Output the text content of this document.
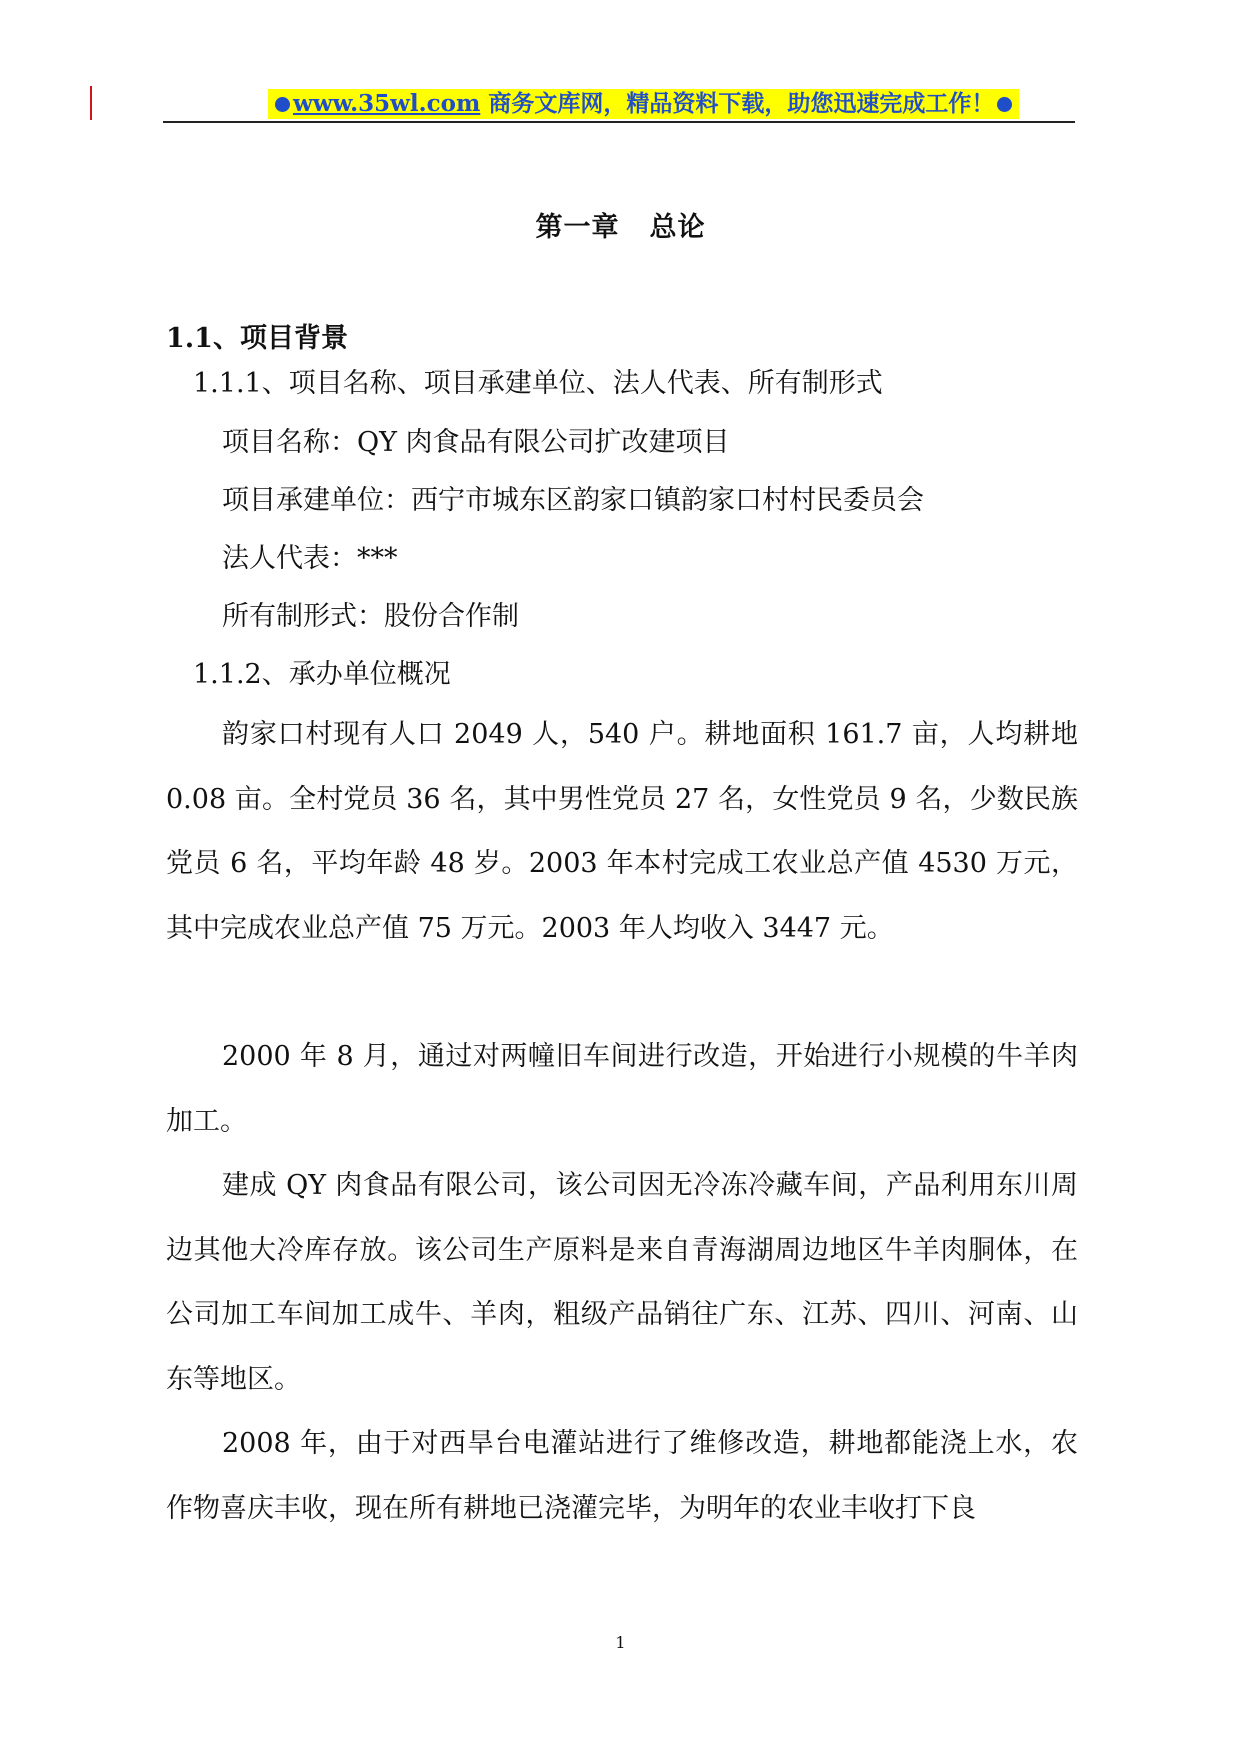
www.35wl.com 商务文库网，精品资料下载，助您迅速完成工作！
第一章 总论
1.1、项目背景
1.1.1、项目名称、项目承建单位、法人代表、所有制形式
项目名称：QY 肉食品有限公司扩改建项目
项目承建单位：西宁市城东区韵家口镇韵家口村村民委员会
法人代表：***
所有制形式：股份合作制
1.1.2、承办单位概况

韵家口村现有人口 2049 人，540 户。耕地面积 161.7 亩，人均耕地 0.08 亩。全村党员 36 名，其中男性党员 27 名，女性党员 9 名，少数民族党员 6 名，平均年龄 48 岁。2003 年本村完成工农业总产值 4530 万元，其中完成农业总产值 75 万元。2003 年人均收入 3447 元。

2000 年 8 月，通过对两幢旧车间进行改造，开始进行小规模的牛羊肉加工。

建成 QY 肉食品有限公司，该公司因无冷冻冷藏车间，产品利用东川周边其他大冷库存放。该公司生产原料是来自青海湖周边地区牛羊肉胴体，在公司加工车间加工成牛、羊肉，粗级产品销往广东、江苏、四川、河南、山东等地区。

2008 年，由于对西旱台电灌站进行了维修改造，耕地都能浇上水，农作物喜庆丰收，现在所有耕地已浇灌完毕，为明年的农业丰收打下良

1
